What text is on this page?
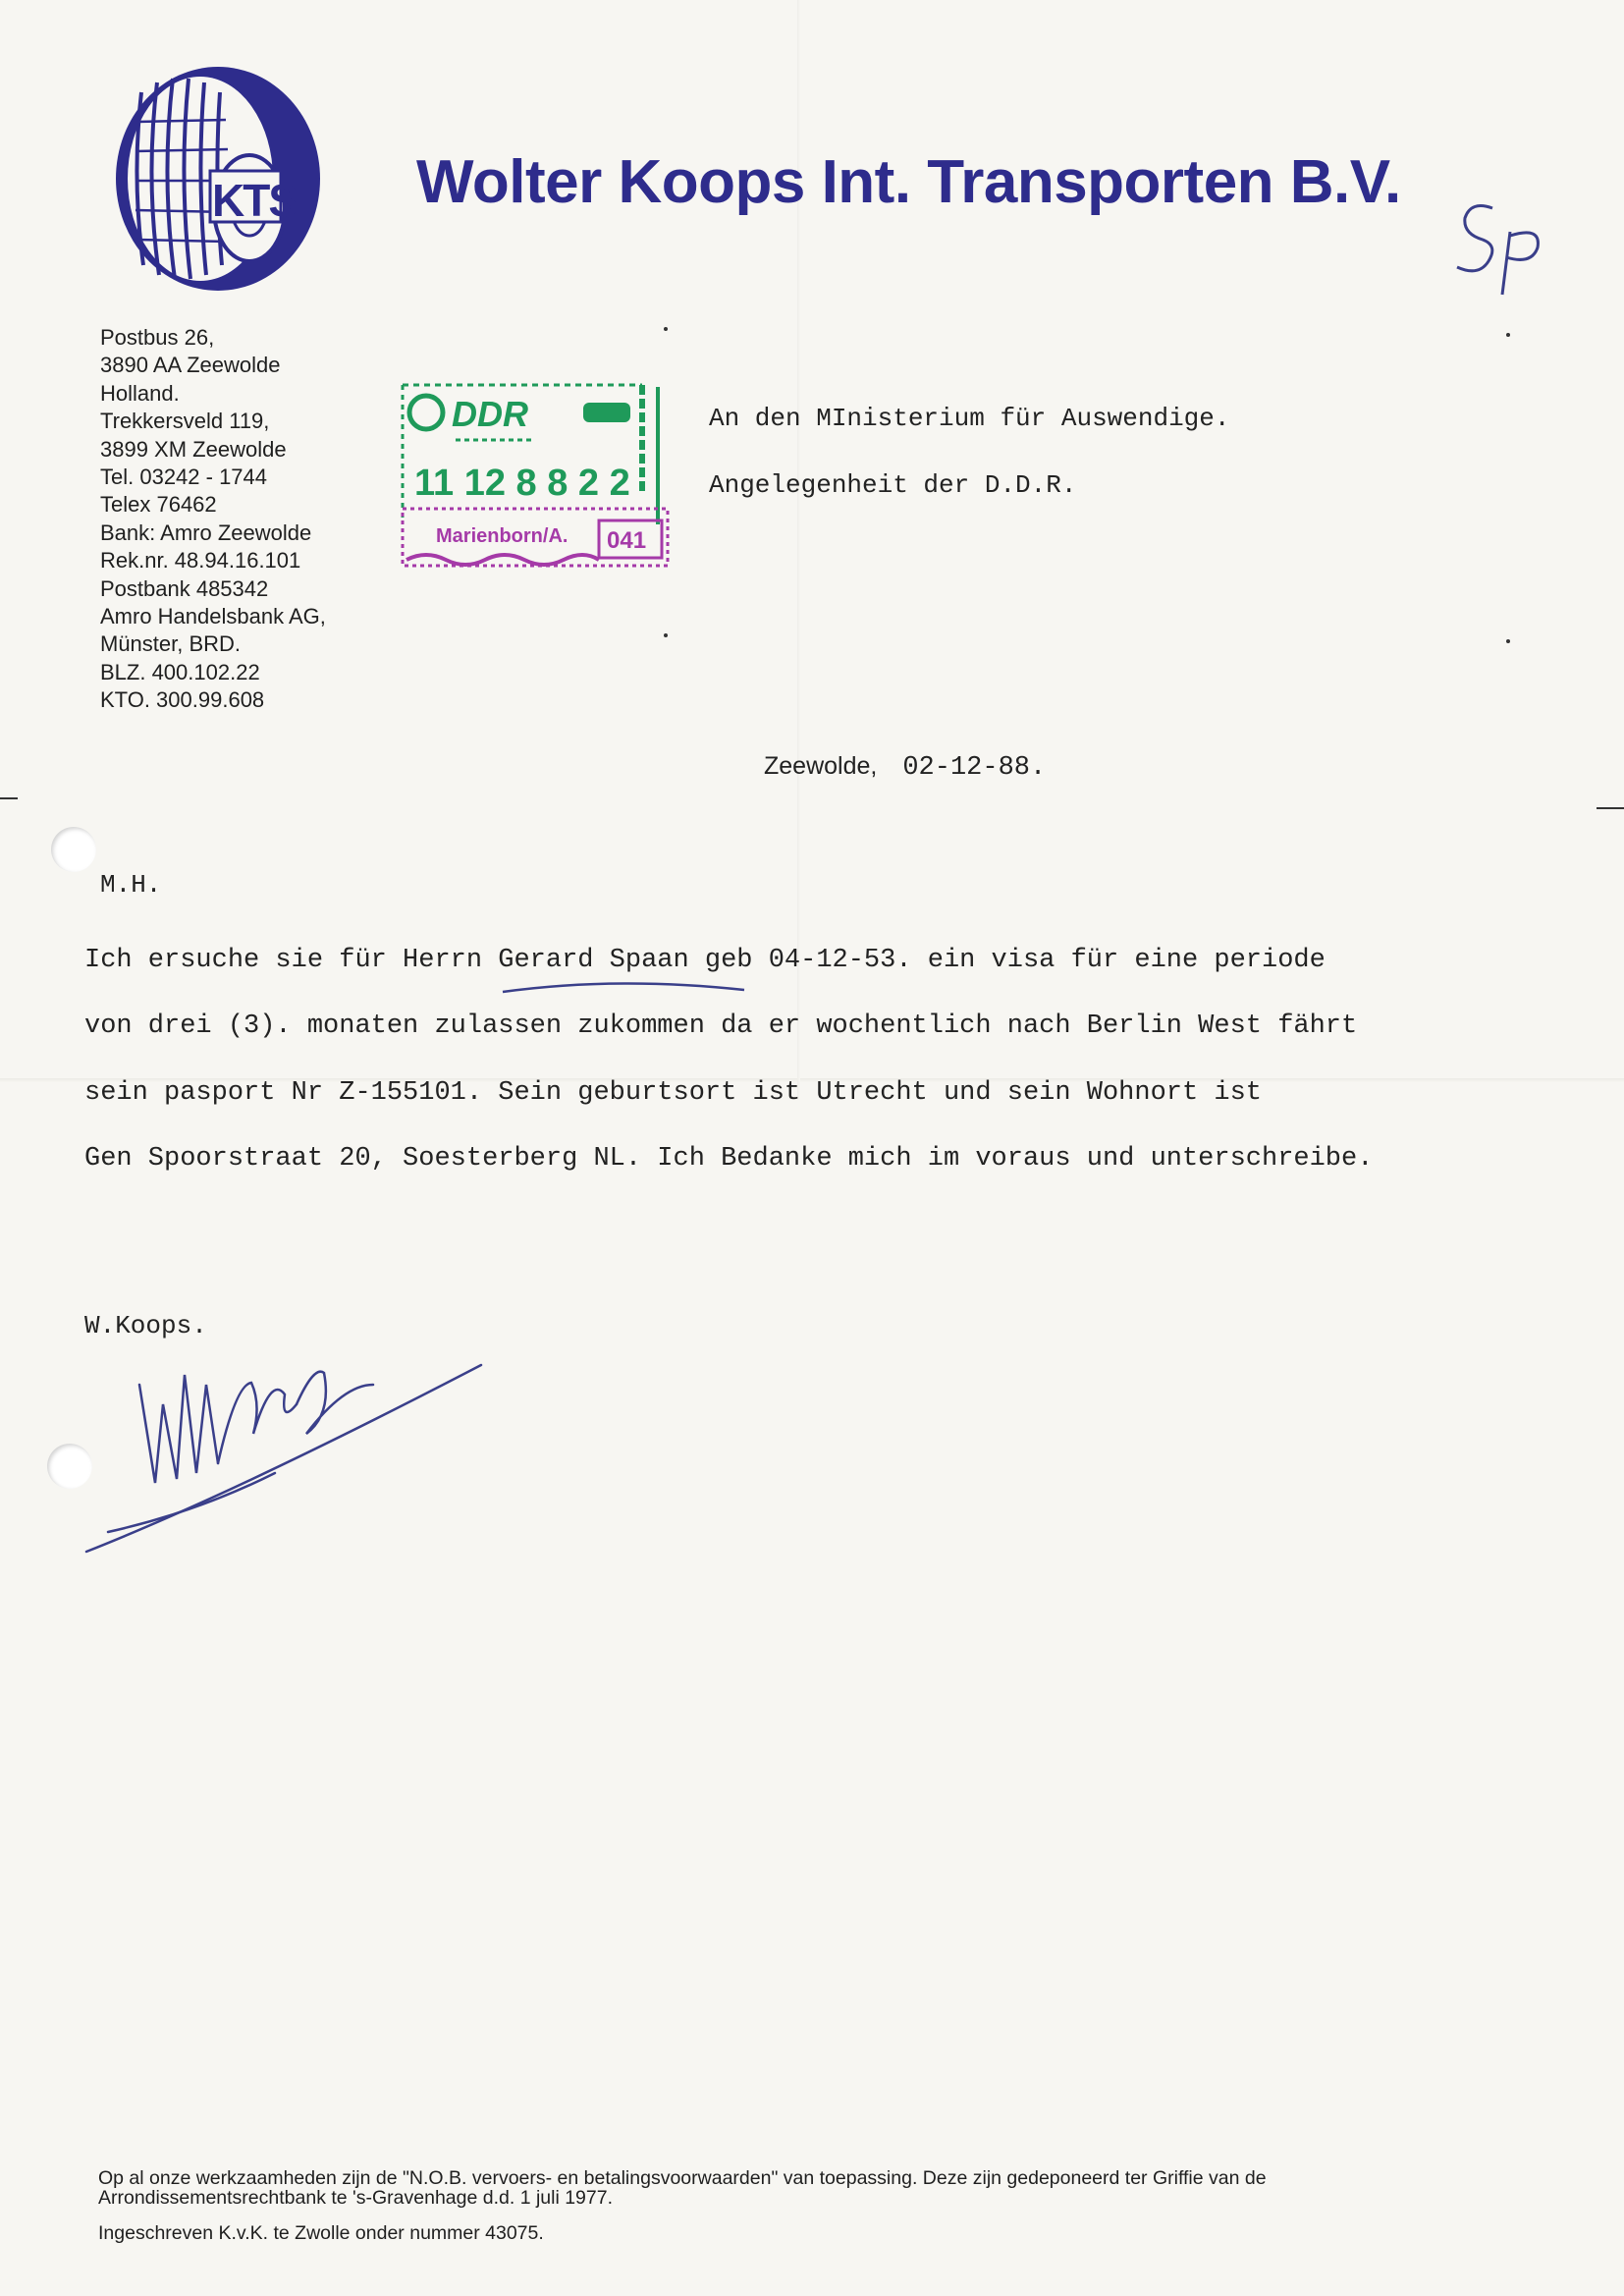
KTS Wolter Koops Int. Transporten B.V.
Postbus 26,
3890 AA Zeewolde
Holland.
Trekkersveld 119,
3899 XM Zeewolde
Tel. 03242 - 1744
Telex 76462
Bank: Amro Zeewolde
Rek.nr. 48.94.16.101
Postbank 485342
Amro Handelsbank AG,
Münster, BRD.
BLZ. 400.102.22
KTO. 300.99.608
DDR
11 12 8 8 2 2
Marienborn/A. 041
An den MInisterium für Auswendige.
Angelegenheit der D.D.R.
Zeewolde, 02-12-88.
M.H.
Ich ersuche sie für Herrn Gerard Spaan geb 04-12-53. ein visa für eine periode
von drei (3). monaten zulassen zukommen da er wochentlich nach Berlin West fährt
sein pasport Nr Z-155101. Sein geburtsort ist Utrecht und sein Wohnort ist
Gen Spoorstraat 20, Soesterberg NL. Ich Bedanke mich im voraus und unterschreibe.
W.Koops.
Op al onze werkzaamheden zijn de "N.O.B. vervoers- en betalingsvoorwaarden" van toepassing. Deze zijn gedeponeerd ter Griffie van de Arrondissementsrechtbank te 's-Gravenhage d.d. 1 juli 1977.
Ingeschreven K.v.K. te Zwolle onder nummer 43075.
